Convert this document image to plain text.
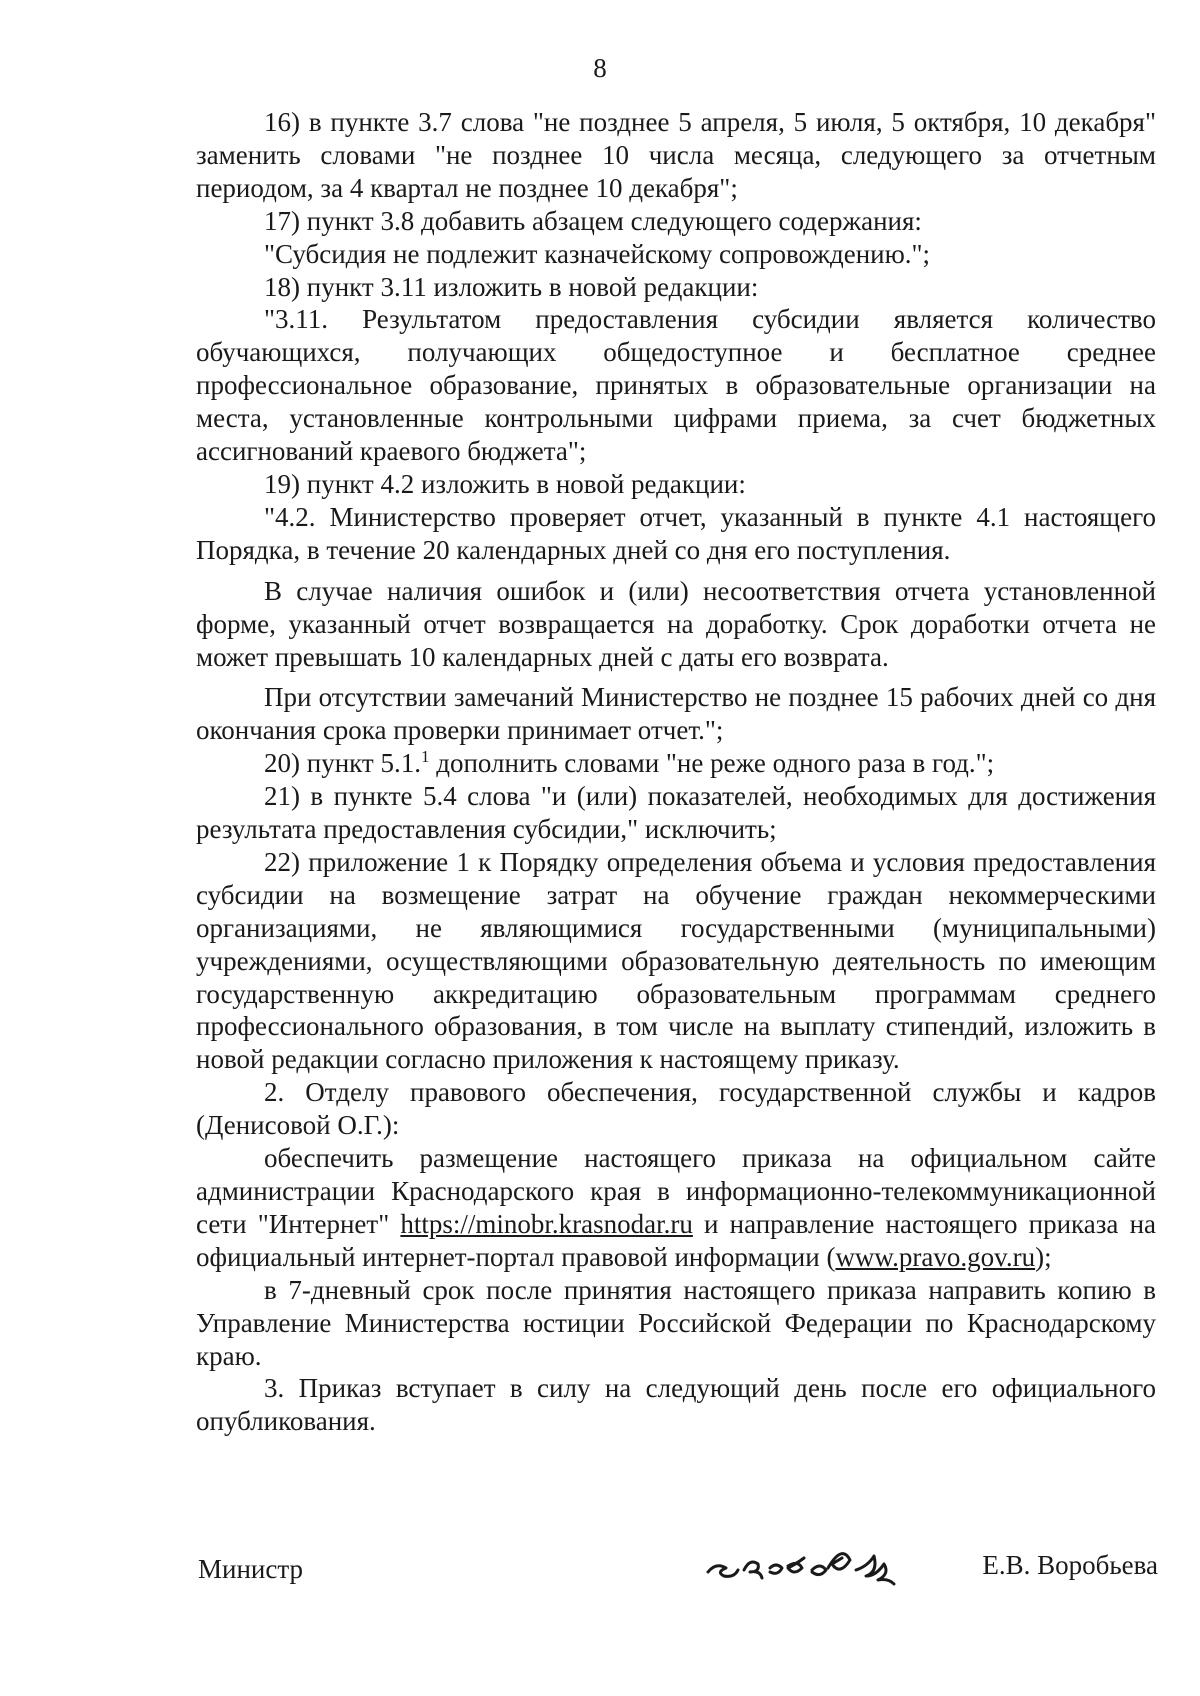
8

16) в пункте 3.7 слова "не позднее 5 апреля, 5 июля, 5 октября, 10 декабря" заменить словами "не позднее 10 числа месяца, следующего за отчетным периодом, за 4 квартал не позднее 10 декабря";

17) пункт 3.8 добавить абзацем следующего содержания:

"Субсидия не подлежит казначейскому сопровождению.";

18) пункт 3.11 изложить в новой редакции:

"3.11. Результатом предоставления субсидии является количество обучающихся, получающих общедоступное и бесплатное среднее профессиональное образование, принятых в образовательные организации на места, установленные контрольными цифрами приема, за счет бюджетных ассигнований краевого бюджета";

19) пункт 4.2 изложить в новой редакции:

"4.2. Министерство проверяет отчет, указанный в пункте 4.1 настоящего Порядка, в течение 20 календарных дней со дня его поступления.

В случае наличия ошибок и (или) несоответствия отчета установленной форме, указанный отчет возвращается на доработку. Срок доработки отчета не может превышать 10 календарных дней с даты его возврата.

При отсутствии замечаний Министерство не позднее 15 рабочих дней со дня окончания срока проверки принимает отчет.";

20) пункт 5.1.$^1$ дополнить словами "не реже одного раза в год.";

21) в пункте 5.4 слова "и (или) показателей, необходимых для достижения результата предоставления субсидии," исключить;

22) приложение 1 к Порядку определения объема и условия предоставления субсидии на возмещение затрат на обучение граждан некоммерческими организациями, не являющимися государственными (муниципальными) учреждениями, осуществляющими образовательную деятельность по имеющим государственную аккредитацию образовательным программам среднего профессионального образования, в том числе на выплату стипендий, изложить в новой редакции согласно приложения к настоящему приказу.

2. Отделу правового обеспечения, государственной службы и кадров (Денисовой О.Г.):

обеспечить размещение настоящего приказа на официальном сайте администрации Краснодарского края в информационно-телекоммуникационной сети "Интернет" https://minobr.krasnodar.ru и направление настоящего приказа на официальный интернет-портал правовой информации (www.pravo.gov.ru);

в 7-дневный срок после принятия настоящего приказа направить копию в Управление Министерства юстиции Российской Федерации по Краснодарскому краю.

3. Приказ вступает в силу на следующий день после его официального опубликования.

Министр	Е.В. Воробьева
